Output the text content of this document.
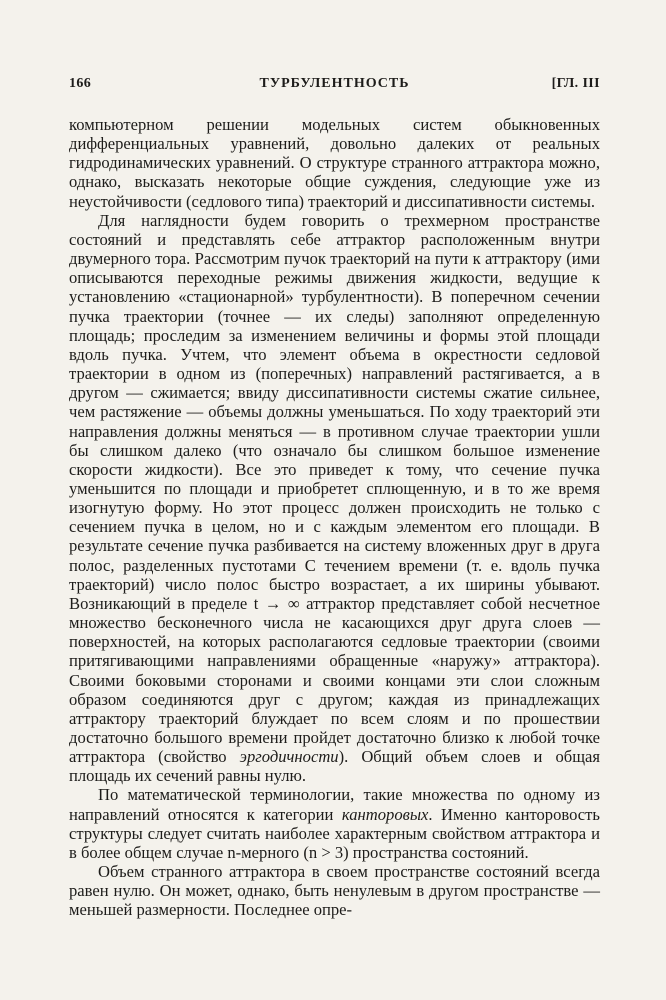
166	ТУРБУЛЕНТНОСТЬ	[ГЛ. III

компьютерном решении модельных систем обыкновенных дифференциальных уравнений, довольно далеких от реальных гидродинамических уравнений. О структуре странного аттрактора можно, однако, высказать некоторые общие суждения, следующие уже из неустойчивости (седлового типа) траекторий и диссипативности системы.

Для наглядности будем говорить о трехмерном пространстве состояний и представлять себе аттрактор расположенным внутри двумерного тора. Рассмотрим пучок траекторий на пути к аттрактору (ими описываются переходные режимы движения жидкости, ведущие к установлению «стационарной» турбулентности). В поперечном сечении пучка траектории (точнее — их следы) заполняют определенную площадь; проследим за изменением величины и формы этой площади вдоль пучка. Учтем, что элемент объема в окрестности седловой траектории в одном из (поперечных) направлений растягивается, а в другом — сжимается; ввиду диссипативности системы сжатие сильнее, чем растяжение — объемы должны уменьшаться. По ходу траекторий эти направления должны меняться — в противном случае траектории ушли бы слишком далеко (что означало бы слишком большое изменение скорости жидкости). Все это приведет к тому, что сечение пучка уменьшится по площади и приобретет сплющенную, и в то же время изогнутую форму. Но этот процесс должен происходить не только с сечением пучка в целом, но и с каждым элементом его площади. В результате сечение пучка разбивается на систему вложенных друг в друга полос, разделенных пустотами С течением времени (т. е. вдоль пучка траекторий) число полос быстро возрастает, а их ширины убывают. Возникающий в пределе t → ∞ аттрактор представляет собой несчетное множество бесконечного числа не касающихся друг друга слоев — поверхностей, на которых располагаются седловые траектории (своими притягивающими направлениями обращенные «наружу» аттрактора). Своими боковыми сторонами и своими концами эти слои сложным образом соединяются друг с другом; каждая из принадлежащих аттрактору траекторий блуждает по всем слоям и по прошествии достаточно большого времени пройдет достаточно близко к любой точке аттрактора (свойство эргодичности). Общий объем слоев и общая площадь их сечений равны нулю.

По математической терминологии, такие множества по одному из направлений относятся к категории канторовых. Именно канторовость структуры следует считать наиболее характерным свойством аттрактора и в более общем случае n-мерного (n > 3) пространства состояний.

Объем странного аттрактора в своем пространстве состояний всегда равен нулю. Он может, однако, быть ненулевым в другом пространстве — меньшей размерности. Последнее опре-
